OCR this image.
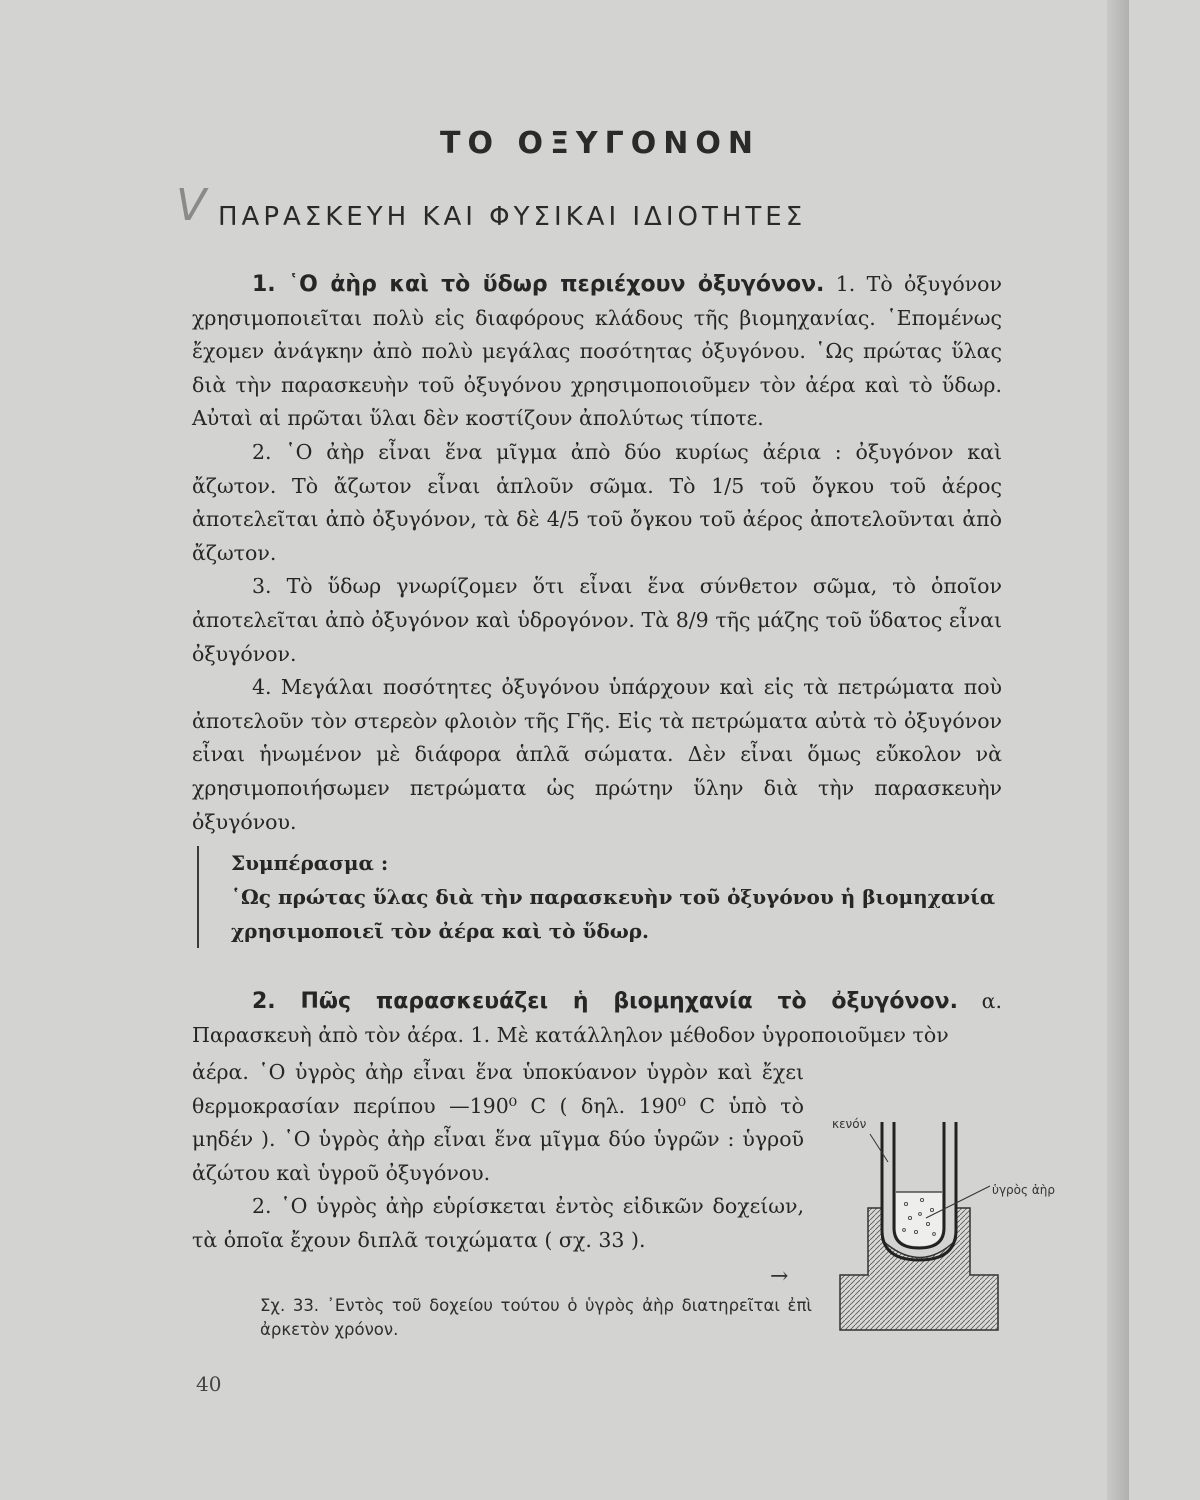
ΤΟ ΟΞΥΓΟΝΟΝ
V ΠΑΡΑΣΚΕΥΗ ΚΑΙ ΦΥΣΙΚΑΙ ΙΔΙΟΤΗΤΕΣ

1. ῾Ο ἀὴρ καὶ τὸ ὕδωρ περιέχουν ὀξυγόνον. 1. Τὸ ὀξυγόνον χρησιμοποιεῖται πολὺ εἰς διαφόρους κλάδους τῆς βιομηχανίας. ῾Επομένως ἔχομεν ἀνάγκην ἀπὸ πολὺ μεγάλας ποσότητας ὀξυγόνου. ῾Ως πρώτας ὕλας διὰ τὴν παρασκευὴν τοῦ ὀξυγόνου χρησιμοποιοῦμεν τὸν ἀέρα καὶ τὸ ὕδωρ. Αὐταὶ αἱ πρῶται ὕλαι δὲν κοστίζουν ἀπολύτως τίποτε.

2. ῾Ο ἀὴρ εἶναι ἕνα μῖγμα ἀπὸ δύο κυρίως ἀέρια : ὀξυγόνον καὶ ἄζωτον. Τὸ ἄζωτον εἶναι ἁπλοῦν σῶμα. Τὸ 1/5 τοῦ ὄγκου τοῦ ἀέρος ἀποτελεῖται ἀπὸ ὀξυγόνον, τὰ δὲ 4/5 τοῦ ὄγκου τοῦ ἀέρος ἀποτελοῦνται ἀπὸ ἄζωτον.

3. Τὸ ὕδωρ γνωρίζομεν ὅτι εἶναι ἕνα σύνθετον σῶμα, τὸ ὁποῖον ἀποτελεῖται ἀπὸ ὀξυγόνον καὶ ὑδρογόνον. Τὰ 8/9 τῆς μάζης τοῦ ὕδατος εἶναι ὀξυγόνον.

4. Μεγάλαι ποσότητες ὀξυγόνου ὑπάρχουν καὶ εἰς τὰ πετρώματα ποὺ ἀποτελοῦν τὸν στερεὸν φλοιὸν τῆς Γῆς. Εἰς τὰ πετρώματα αὐτὰ τὸ ὀξυγόνον εἶναι ἡνωμένον μὲ διάφορα ἁπλᾶ σώματα. Δὲν εἶναι ὅμως εὔκολον νὰ χρησιμοποιήσωμεν πετρώματα ὡς πρώτην ὕλην διὰ τὴν παρασκευὴν ὀξυγόνου.

Συμπέρασμα :

῾Ως πρώτας ὕλας διὰ τὴν παρασκευὴν τοῦ ὀξυγόνου ἡ βιομηχανία χρησιμοποιεῖ τὸν ἀέρα καὶ τὸ ὕδωρ.

2. Πῶς παρασκευάζει ἡ βιομηχανία τὸ ὀξυγόνον. α. Παρασκευὴ ἀπὸ τὸν ἀέρα. 1. Μὲ κατάλληλον μέθοδον ὑγροποιοῦμεν τὸν

ἀέρα. ῾Ο ὑγρὸς ἀὴρ εἶναι ἕνα ὑποκύανον ὑγρὸν καὶ ἔχει θερμοκρασίαν περίπου —190⁰ C ( δηλ. 190⁰ C ὑπὸ τὸ μηδέν ). ῾Ο ὑγρὸς ἀὴρ εἶναι ἕνα μῖγμα δύο ὑγρῶν : ὑγροῦ ἀζώτου καὶ ὑγροῦ ὀξυγόνου.

2. ῾Ο ὑγρὸς ἀὴρ εὑρίσκεται ἐντὸς εἰδικῶν δοχείων, τὰ ὁποῖα ἔχουν διπλᾶ τοιχώματα ( σχ. 33 ).

κενόν
ὑγρὸς ἀὴρ
→
Σχ. 33. ᾿Εντὸς τοῦ δοχείου τούτου ὁ ὑγρὸς ἀὴρ διατηρεῖται ἐπὶ ἀρκετὸν χρόνον.
40
